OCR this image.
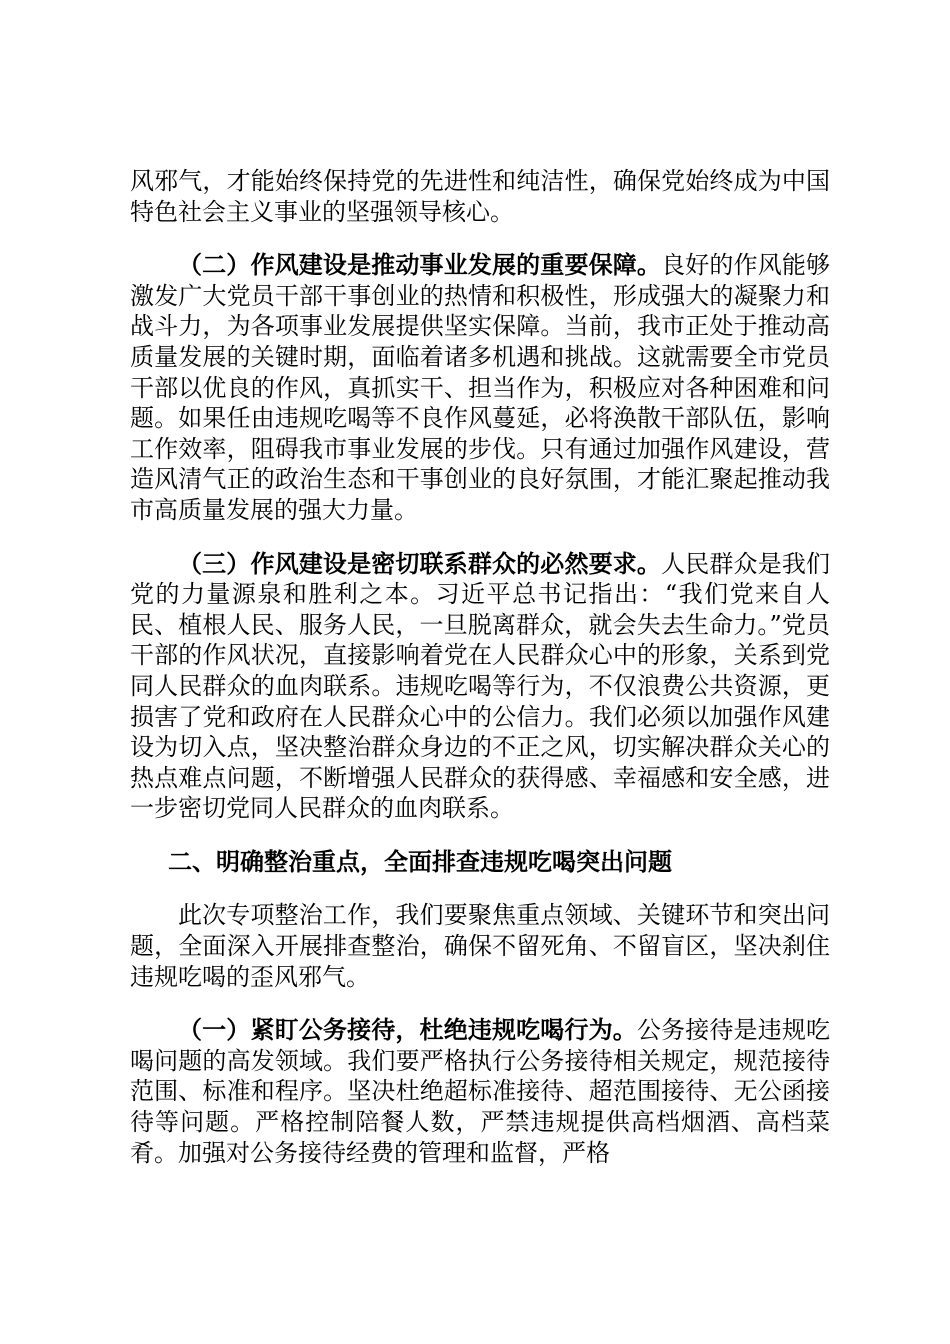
风邪气，才能始终保持党的先进性和纯洁性，确保党始终成为中国特色社会主义事业的坚强领导核心。

（二）作风建设是推动事业发展的重要保障。良好的作风能够激发广大党员干部干事创业的热情和积极性，形成强大的凝聚力和战斗力，为各项事业发展提供坚实保障。当前，我市正处于推动高质量发展的关键时期，面临着诸多机遇和挑战。这就需要全市党员干部以优良的作风，真抓实干、担当作为，积极应对各种困难和问题。如果任由违规吃喝等不良作风蔓延，必将涣散干部队伍，影响工作效率，阻碍我市事业发展的步伐。只有通过加强作风建设，营造风清气正的政治生态和干事创业的良好氛围，才能汇聚起推动我市高质量发展的强大力量。

（三）作风建设是密切联系群众的必然要求。人民群众是我们党的力量源泉和胜利之本。习近平总书记指出：“我们党来自人民、植根人民、服务人民，一旦脱离群众，就会失去生命力。”党员干部的作风状况，直接影响着党在人民群众心中的形象，关系到党同人民群众的血肉联系。违规吃喝等行为，不仅浪费公共资源，更损害了党和政府在人民群众心中的公信力。我们必须以加强作风建设为切入点，坚决整治群众身边的不正之风，切实解决群众关心的热点难点问题，不断增强人民群众的获得感、幸福感和安全感，进一步密切党同人民群众的血肉联系。

二、明确整治重点，全面排查违规吃喝突出问题

此次专项整治工作，我们要聚焦重点领域、关键环节和突出问题，全面深入开展排查整治，确保不留死角、不留盲区，坚决刹住违规吃喝的歪风邪气。

（一）紧盯公务接待，杜绝违规吃喝行为。公务接待是违规吃喝问题的高发领域。我们要严格执行公务接待相关规定，规范接待范围、标准和程序。坚决杜绝超标准接待、超范围接待、无公函接待等问题。严格控制陪餐人数，严禁违规提供高档烟酒、高档菜肴。加强对公务接待经费的管理和监督，严格
